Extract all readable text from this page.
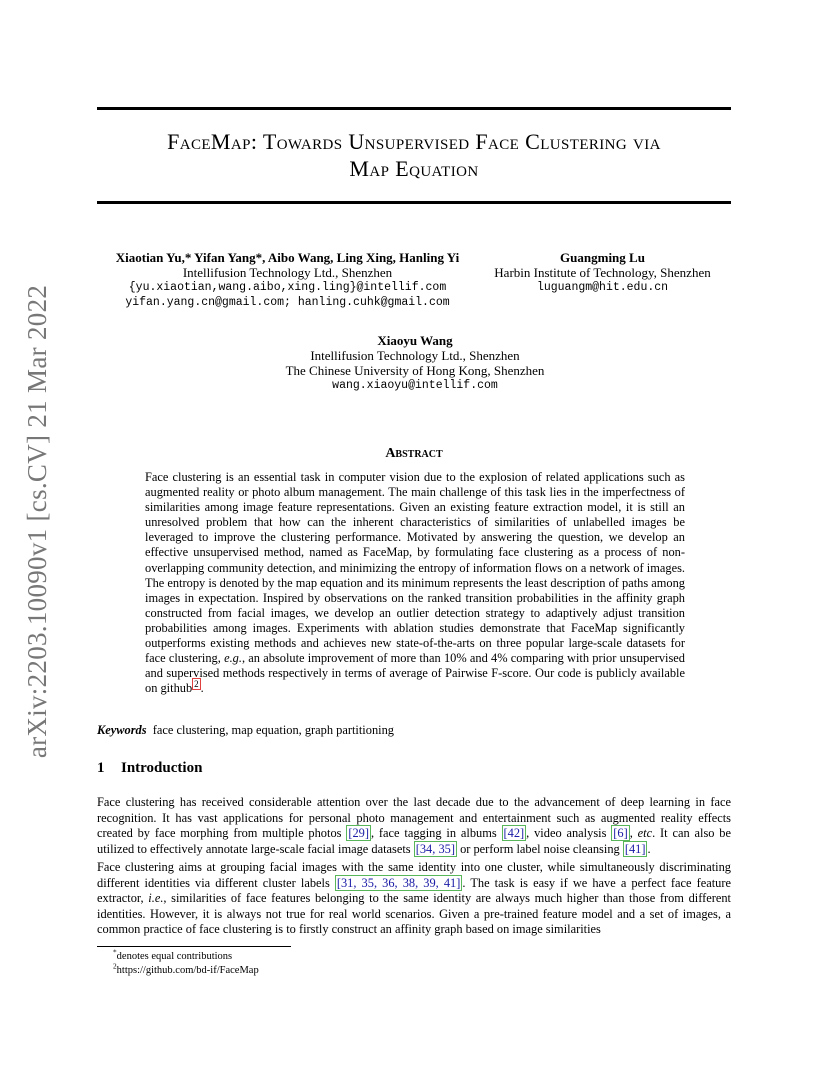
arXiv:2203.10090v1 [cs.CV] 21 Mar 2022
FaceMap: Towards Unsupervised Face Clustering via
Map Equation
Xiaotian Yu,* Yifan Yang*, Aibo Wang, Ling Xing, Hanling Yi
Intellifusion Technology Ltd., Shenzhen
{yu.xiaotian,wang.aibo,xing.ling}@intellif.com
yifan.yang.cn@gmail.com; hanling.cuhk@gmail.com
Guangming Lu
Harbin Institute of Technology, Shenzhen
luguangm@hit.edu.cn
Xiaoyu Wang
Intellifusion Technology Ltd., Shenzhen
The Chinese University of Hong Kong, Shenzhen
wang.xiaoyu@intellif.com
Abstract

Face clustering is an essential task in computer vision due to the explosion of related applications such as augmented reality or photo album management. The main challenge of this task lies in the imperfectness of similarities among image feature representations. Given an existing feature extraction model, it is still an unresolved problem that how can the inherent characteristics of similarities of unlabelled images be leveraged to improve the clustering performance. Motivated by answering the question, we develop an effective unsupervised method, named as FaceMap, by formulating face clustering as a process of non-overlapping community detection, and minimizing the entropy of information flows on a network of images. The entropy is denoted by the map equation and its minimum represents the least description of paths among images in expectation. Inspired by observations on the ranked transition probabilities in the affinity graph constructed from facial images, we develop an outlier detection strategy to adaptively adjust transition probabilities among images. Experiments with ablation studies demonstrate that FaceMap significantly outperforms existing methods and achieves new state-of-the-arts on three popular large-scale datasets for face clustering, e.g., an absolute improvement of more than 10% and 4% comparing with prior unsupervised and supervised methods respectively in terms of average of Pairwise F-score. Our code is publicly available on github $^2$ .

Keywords face clustering, map equation, graph partitioning
1 Introduction

Face clustering has received considerable attention over the last decade due to the advancement of deep learning in face recognition. It has vast applications for personal photo management and entertainment such as augmented reality effects created by face morphing from multiple photos [29] , face tagging in albums [42] , video analysis [6] , etc. It can also be utilized to effectively annotate large-scale facial image datasets [34, 35] or perform label noise cleansing [41] .

Face clustering aims at grouping facial images with the same identity into one cluster, while simultaneously discriminating different identities via different cluster labels [31, 35, 36, 38, 39, 41] . The task is easy if we have a perfect face feature extractor, i.e., similarities of face features belonging to the same identity are always much higher than those from different identities. However, it is always not true for real world scenarios. Given a pre-trained feature model and a set of images, a common practice of face clustering is to firstly construct an affinity graph based on image similarities

*denotes equal contributions
$^2$https://github.com/bd-if/FaceMap
